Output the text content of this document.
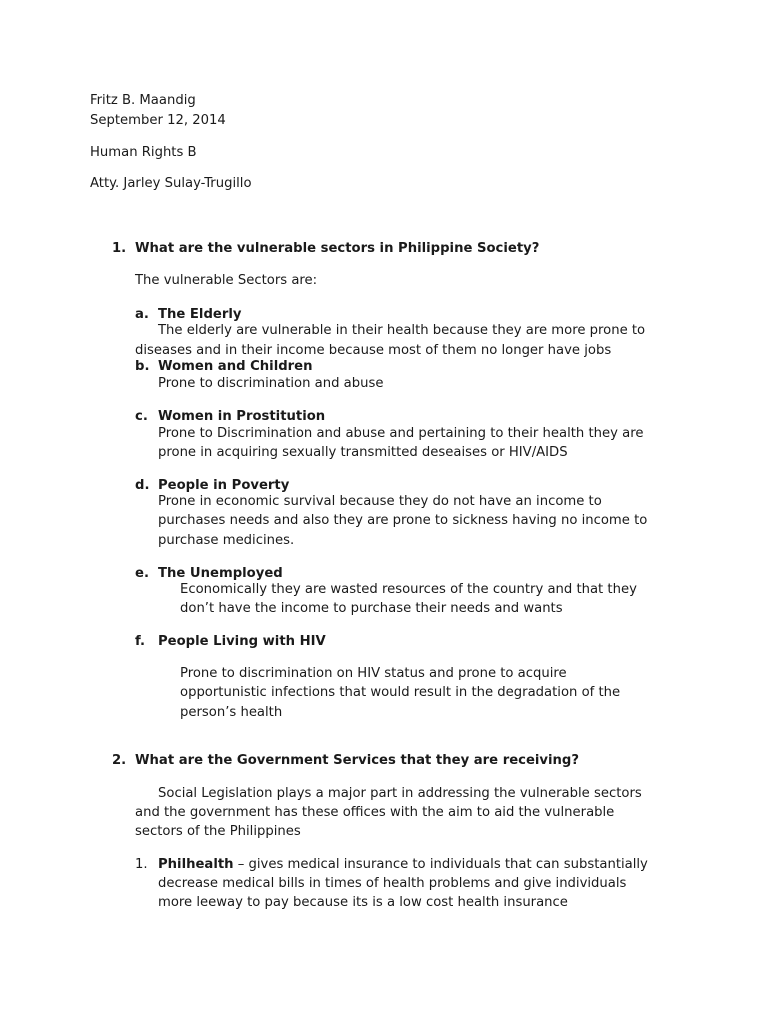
Fritz B. Maandig

September 12, 2014

Human Rights B

Atty. Jarley Sulay-Trugillo

1. What are the vulnerable sectors in Philippine Society?

The vulnerable Sectors are:

a. The Elderly

The elderly are vulnerable in their health because they are more prone to

diseases and in their income because most of them no longer have jobs

b. Women and Children

Prone to discrimination and abuse

c. Women in Prostitution

Prone to Discrimination and abuse and pertaining to their health they are

prone in acquiring sexually transmitted deseaises or HIV/AIDS

d. People in Poverty

Prone in economic survival because they do not have an income to

purchases needs and also they are prone to sickness having no income to

purchase medicines.

e. The Unemployed

Economically they are wasted resources of the country and that they

don’t have the income to purchase their needs and wants

f. People Living with HIV

Prone to discrimination on HIV status and prone to acquire

opportunistic infections that would result in the degradation of the

person’s health

2. What are the Government Services that they are receiving?

Social Legislation plays a major part in addressing the vulnerable sectors

and the government has these offices with the aim to aid the vulnerable

sectors of the Philippines

1. Philhealth – gives medical insurance to individuals that can substantially

decrease medical bills in times of health problems and give individuals

more leeway to pay because its is a low cost health insurance
